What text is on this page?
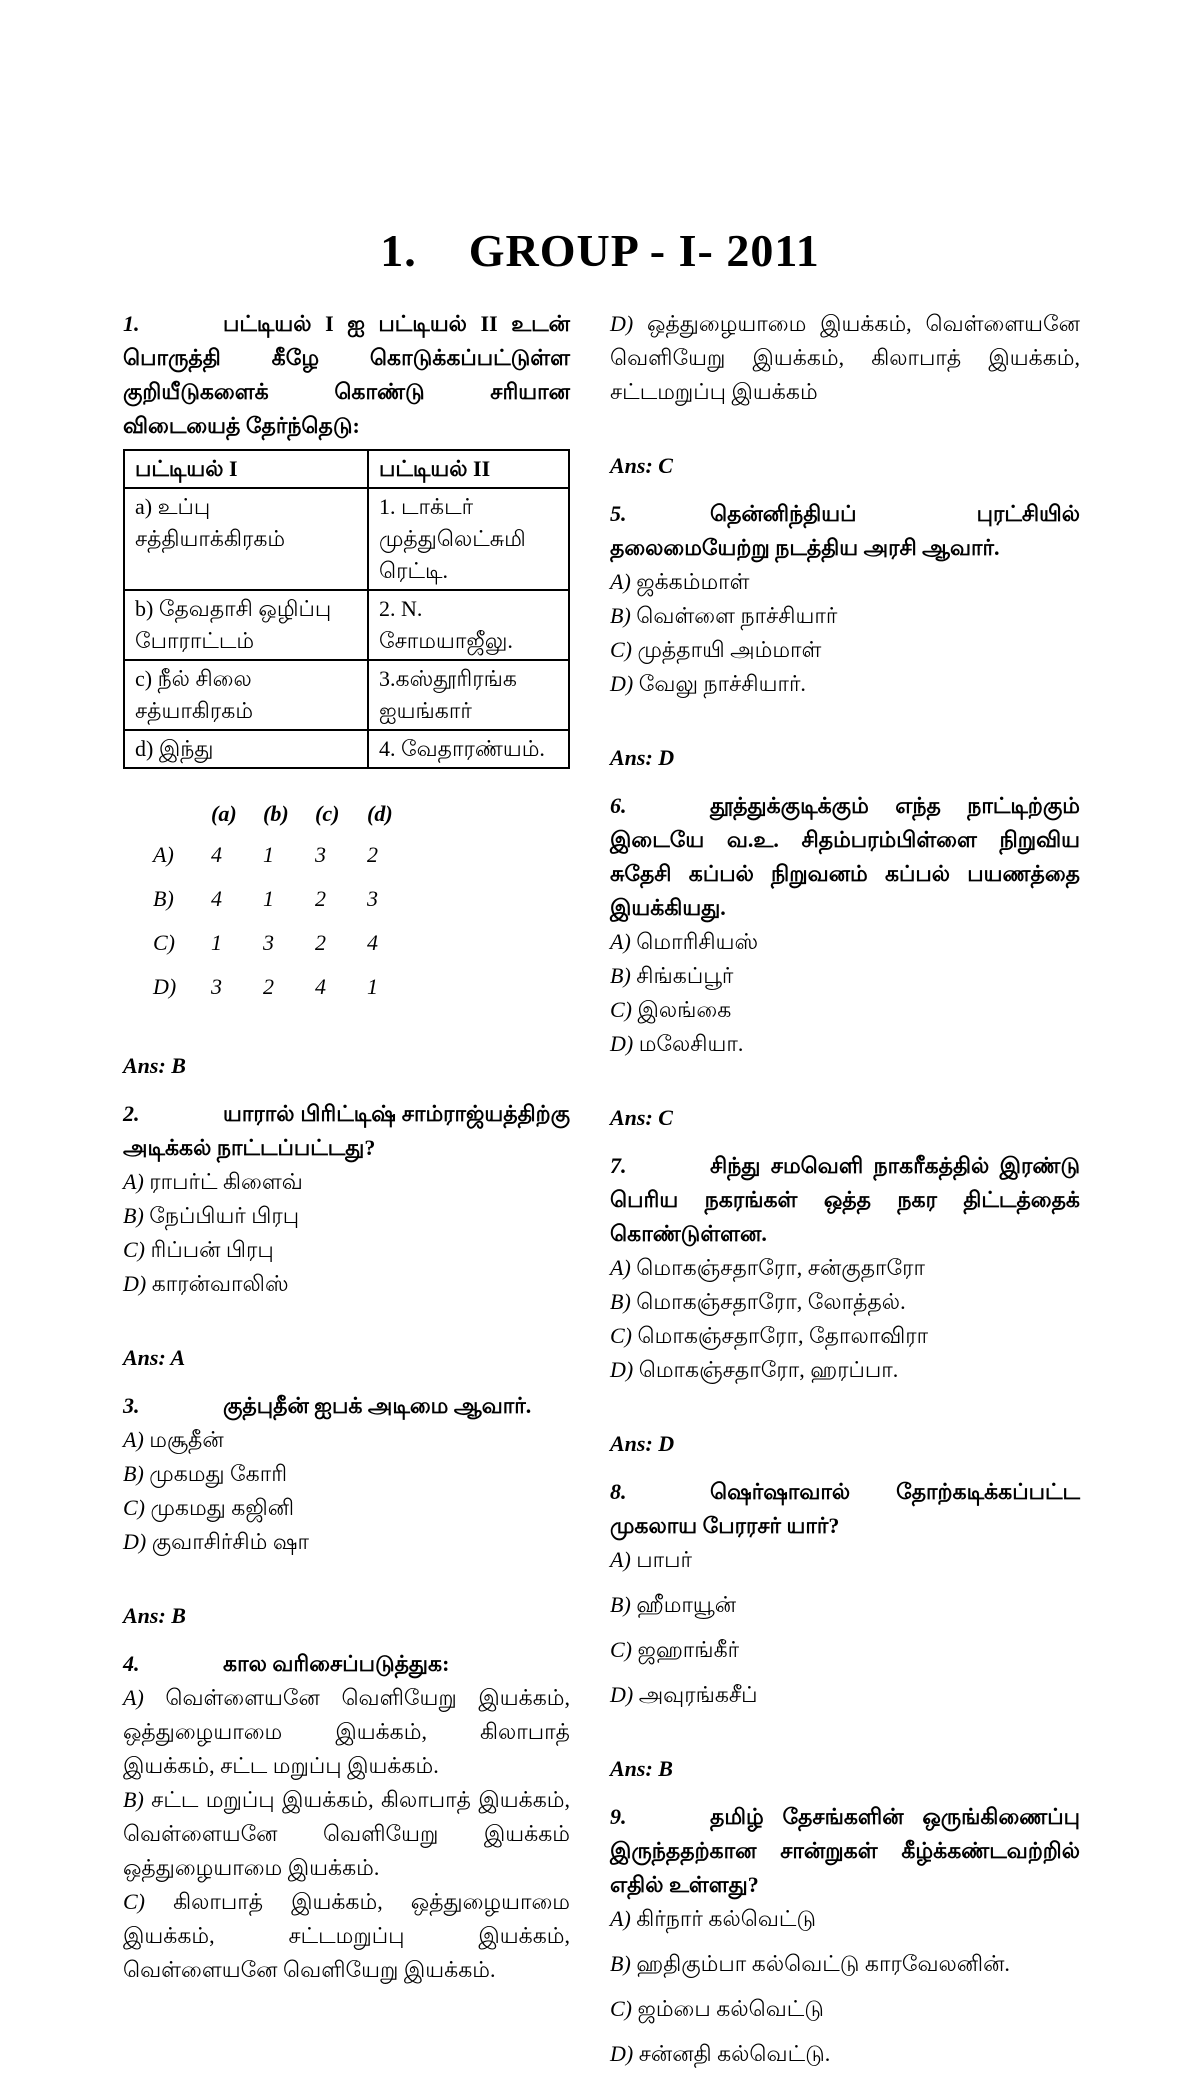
1. GROUP - I- 2011

1.	பட்டியல் I ஐ பட்டியல் II உடன் பொருத்தி கீழே கொடுக்கப்பட்டுள்ள குறியீடுகளைக் கொண்டு சரியான விடையைத் தேர்ந்தெடு:

பட்டியல் I	பட்டியல் II
a) உப்பு சத்தியாக்கிரகம்	1. டாக்டர் முத்துலெட்சுமி ரெட்டி.
b) தேவதாசி ஒழிப்பு போராட்டம்	2. N. சோமயாஜீலு.
c) நீல் சிலை சத்யாகிரகம்	3.கஸ்தூரிரங்க ஐயங்கார்
d) இந்து	4. வேதாரண்யம்.
	(a)	(b)	(c)	(d)
A)	4	1	3	2
B)	4	1	2	3
C)	1	3	2	4
D)	3	2	4	1
Ans: B

2.	யாரால் பிரிட்டிஷ் சாம்ராஜ்யத்திற்கு அடிக்கல் நாட்டப்பட்டது?

A) ராபர்ட் கிளைவ்
B) நேப்பியர் பிரபு
C) ரிப்பன் பிரபு
D) காரன்வாலிஸ்
Ans: A

3.	குத்புதீன் ஐபக் அடிமை ஆவார்.

A) மசூதீன்
B) முகமது கோரி
C) முகமது கஜினி
D) குவாசிர்சிம் ஷா
Ans: B

4.	கால வரிசைப்படுத்துக:

A) வெள்ளையனே வெளியேறு இயக்கம், ஒத்துழையாமை இயக்கம், கிலாபாத் இயக்கம், சட்ட மறுப்பு இயக்கம்.
B) சட்ட மறுப்பு இயக்கம், கிலாபாத் இயக்கம், வெள்ளையனே வெளியேறு இயக்கம் ஒத்துழையாமை இயக்கம்.
C) கிலாபாத் இயக்கம், ஒத்துழையாமை இயக்கம், சட்டமறுப்பு இயக்கம், வெள்ளையனே வெளியேறு இயக்கம்.
D) ஒத்துழையாமை இயக்கம், வெள்ளையனே வெளியேறு இயக்கம், கிலாபாத் இயக்கம், சட்டமறுப்பு இயக்கம்
Ans: C

5.	தென்னிந்தியப் புரட்சியில் தலைமையேற்று நடத்திய அரசி ஆவார்.

A) ஜக்கம்மாள்
B) வெள்ளை நாச்சியார்
C) முத்தாயி அம்மாள்
D) வேலு நாச்சியார்.
Ans: D

6.	தூத்துக்குடிக்கும் எந்த நாட்டிற்கும் இடையே வ.உ. சிதம்பரம்பிள்ளை நிறுவிய சுதேசி கப்பல் நிறுவனம் கப்பல் பயணத்தை இயக்கியது.

A) மொரிசியஸ்
B) சிங்கப்பூர்
C) இலங்கை
D) மலேசியா.
Ans: C

7.	சிந்து சமவெளி நாகரீகத்தில் இரண்டு பெரிய நகரங்கள் ஒத்த நகர திட்டத்தைக் கொண்டுள்ளன.

A) மொகஞ்சதாரோ, சன்குதாரோ
B) மொகஞ்சதாரோ, லோத்தல்.
C) மொகஞ்சதாரோ, தோலாவிரா
D) மொகஞ்சதாரோ, ஹரப்பா.
Ans: D

8.	ஷெர்ஷாவால் தோற்கடிக்கப்பட்ட முகலாய பேரரசர் யார்?

A) பாபர்
B) ஹீமாயூன்
C) ஜஹாங்கீர்
D) அவுரங்கசீப்
Ans: B

9.	தமிழ் தேசங்களின் ஒருங்கிணைப்பு இருந்ததற்கான சான்றுகள் கீழ்க்கண்டவற்றில் எதில் உள்ளது?

A) கிர்நார் கல்வெட்டு
B) ஹதிகும்பா கல்வெட்டு காரவேலனின்.
C) ஜம்பை கல்வெட்டு
D) சன்னதி கல்வெட்டு.
